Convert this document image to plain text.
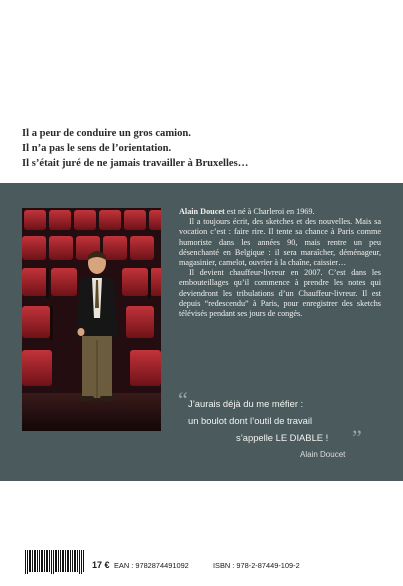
Il a peur de conduire un gros camion.

Il n’a pas le sens de l’orientation.

Il s’était juré de ne jamais travailler à Bruxelles…

Alain Doucet est né à Charleroi en 1969.

Il a toujours écrit, des sketches et des nouvelles. Mais sa vocation c’est : faire rire. Il tente sa chance à Paris comme humoriste dans les années 90, mais rentre un peu désenchanté en Belgique : il sera maraîcher, déménageur, magasinier, camelot, ouvrier à la chaîne, caissier…

Il devient chauffeur-livreur en 2007. C’est dans les embouteillages qu’il commence à prendre les notes qui deviendront les tribulations d’un Chauffeur-livreur. Il est depuis “redescendu” à Paris, pour enregistrer des sketchs télévisés pendant ses jours de congés.

“ J’aurais déjà du me méfier :
un boulot dont l’outil de travail
s’appelle LE DIABLE !	”
Alain Doucet
17 € EAN : 9782874491092	ISBN : 978-2-87449-109-2
